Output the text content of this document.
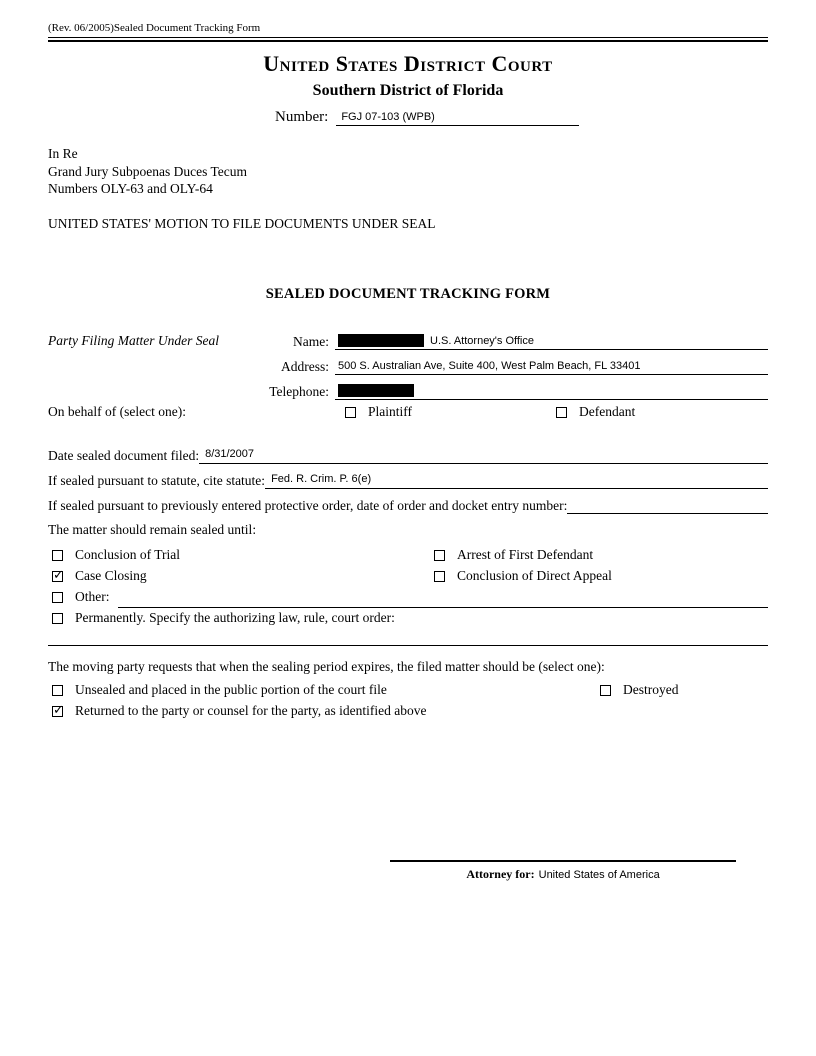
(Rev. 06/2005)Sealed Document Tracking Form
United States District Court
Southern District of Florida
Number:	FGJ 07-103 (WPB)
In Re
Grand Jury Subpoenas Duces Tecum
Numbers OLY-63 and OLY-64
UNITED STATES' MOTION TO FILE DOCUMENTS UNDER SEAL
SEALED DOCUMENT TRACKING FORM
Party Filing Matter Under Seal	Name:	U.S. Attorney's Office
Address: 500 S. Australian Ave, Suite 400, West Palm Beach, FL 33401
Telephone:
On behalf of (select one):	Plaintiff	Defendant
Date sealed document filed: 8/31/2007
If sealed pursuant to statute, cite statute: Fed. R. Crim. P. 6(e)
If sealed pursuant to previously entered protective order, date of order and docket entry number:
The matter should remain sealed until:
Conclusion of Trial	Arrest of First Defendant
✓
Case Closing	Conclusion of Direct Appeal
Other:
Permanently. Specify the authorizing law, rule, court order:
The moving party requests that when the sealing period expires, the filed matter should be (select one):
Unsealed and placed in the public portion of the court file	Destroyed
✓
Returned to the party or counsel for the party, as identified above
Attorney for: United States of America
